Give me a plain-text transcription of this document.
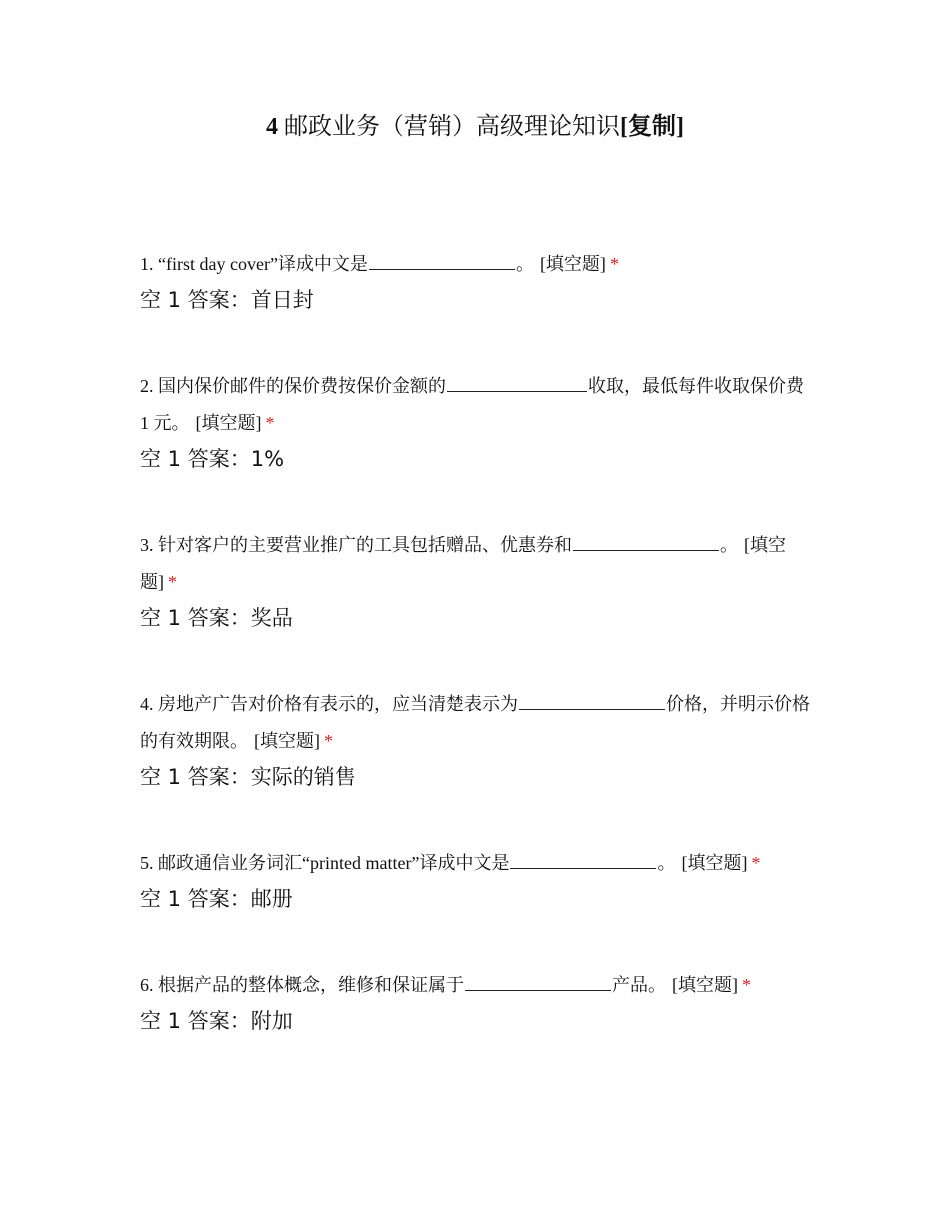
4 邮政业务（营销）高级理论知识[复制]

1. “first day cover”译成中文是	。 [填空题] *

空 1 答案：首日封

2. 国内保价邮件的保价费按保价金额的	收取，最低每件收取保价费 1 元。 [填空题] *

空 1 答案：1%

3. 针对客户的主要营业推广的工具包括赠品、优惠券和	。 [填空题] *

空 1 答案：奖品

4. 房地产广告对价格有表示的，应当清楚表示为	价格，并明示价格的有效期限。 [填空题] *

空 1 答案：实际的销售

5. 邮政通信业务词汇“printed matter”译成中文是	。 [填空题] *

空 1 答案：邮册

6. 根据产品的整体概念，维修和保证属于	产品。 [填空题] *

空 1 答案：附加
